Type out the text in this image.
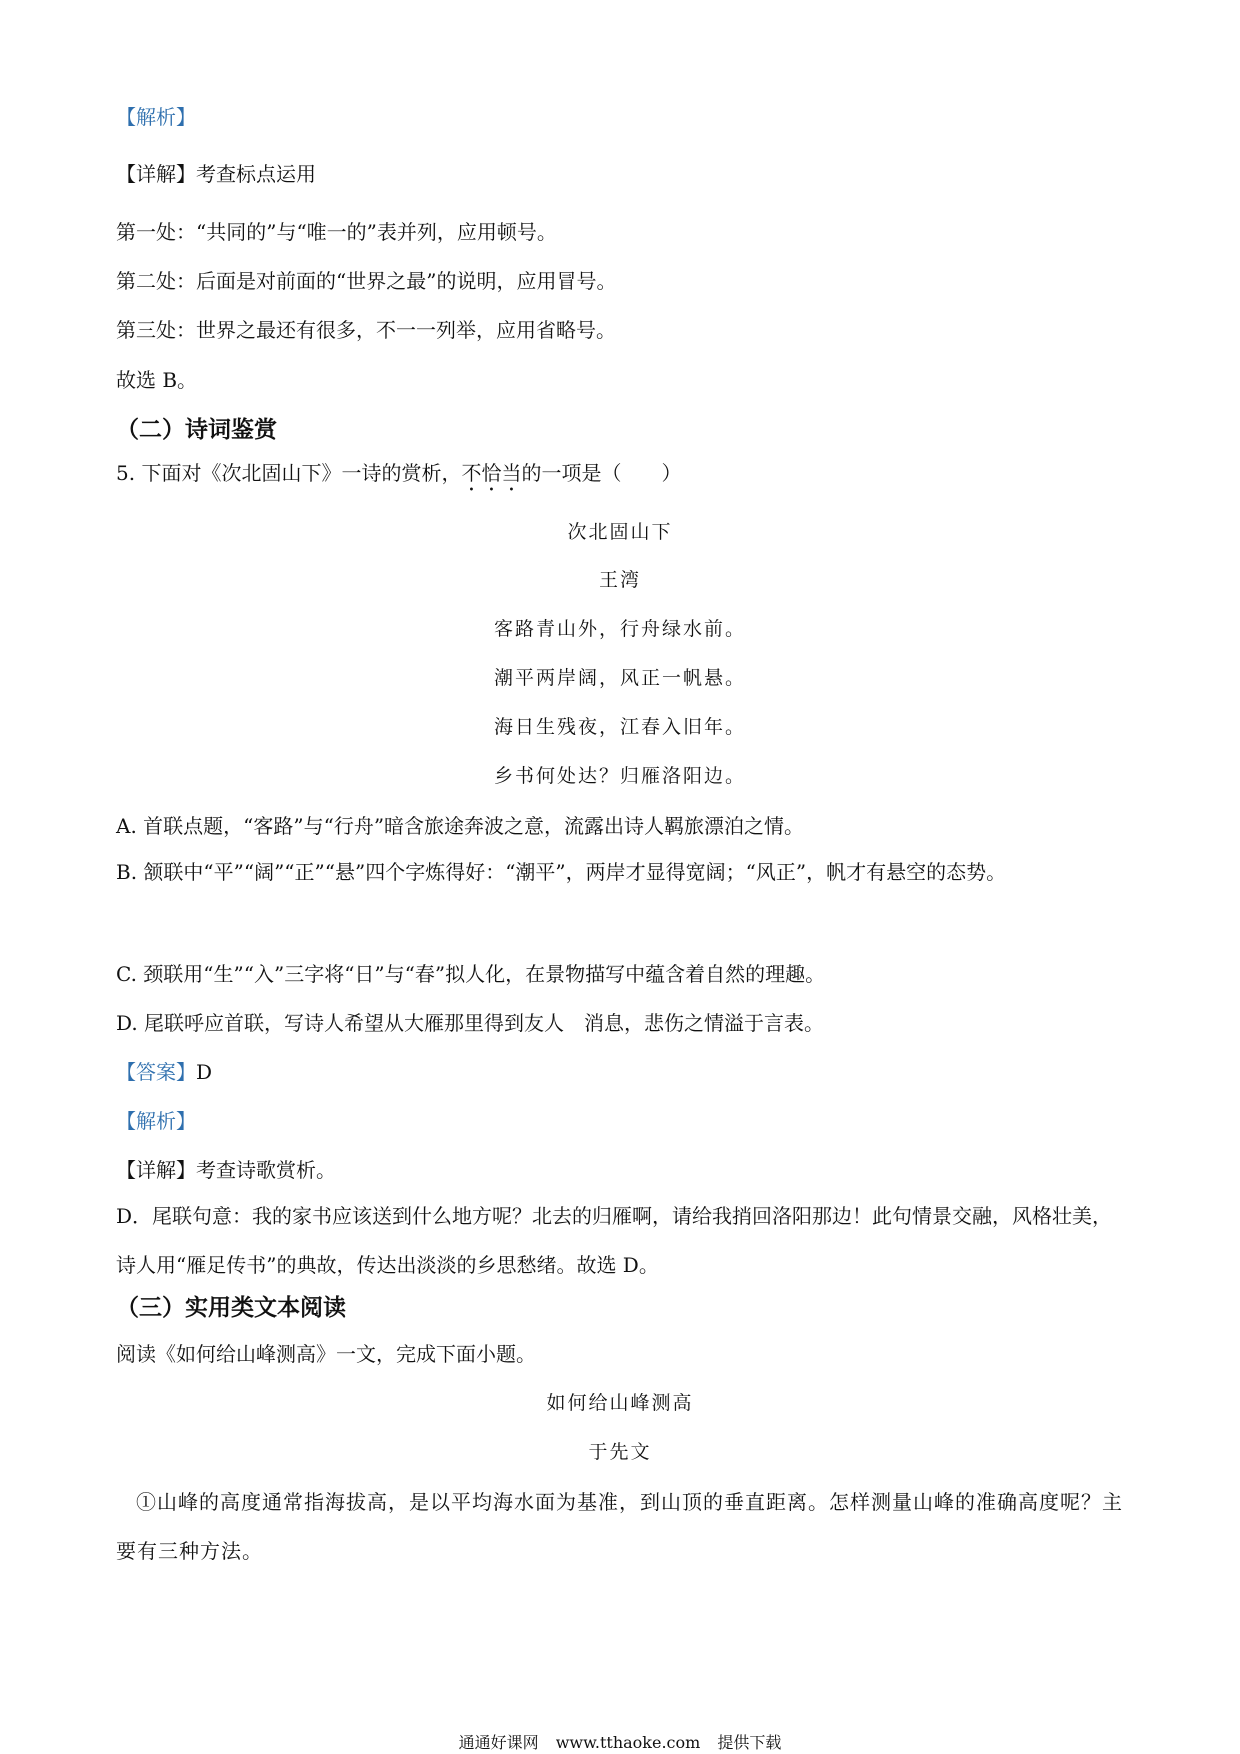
【解析】
【详解】考查标点运用
第一处：“共同的”与“唯一的”表并列，应用顿号。
第二处：后面是对前面的“世界之最”的说明，应用冒号。
第三处：世界之最还有很多，不一一列举，应用省略号。
故选 B。
（二）诗词鉴赏
5. 下面对《次北固山下》一诗的赏析，不恰当的一项是（　　）
次北固山下
王湾
客路青山外，行舟绿水前。
潮平两岸阔，风正一帆悬。
海日生残夜，江春入旧年。
乡书何处达？归雁洛阳边。
A. 首联点题，“客路”与“行舟”暗含旅途奔波之意，流露出诗人羁旅漂泊之情。
B. 颔联中“平”“阔”“正”“悬”四个字炼得好：“潮平”，两岸才显得宽阔；“风正”，帆才有悬空的态势。
C. 颈联用“生”“入”三字将“日”与“春”拟人化，在景物描写中蕴含着自然的理趣。
D. 尾联呼应首联，写诗人希望从大雁那里得到友人　消息，悲伤之情溢于言表。
【答案】D
【解析】
【详解】考查诗歌赏析。
D．尾联句意：我的家书应该送到什么地方呢？北去的归雁啊，请给我捎回洛阳那边！此句情景交融，风格壮美，诗人用“雁足传书”的典故，传达出淡淡的乡思愁绪。故选 D。
（三）实用类文本阅读
阅读《如何给山峰测高》一文，完成下面小题。
如何给山峰测高
于先文
①山峰的高度通常指海拔高，是以平均海水面为基准，到山顶的垂直距离。怎样测量山峰的准确高度呢？主要有三种方法。
通通好课网 www.tthaoke.com 提供下载
